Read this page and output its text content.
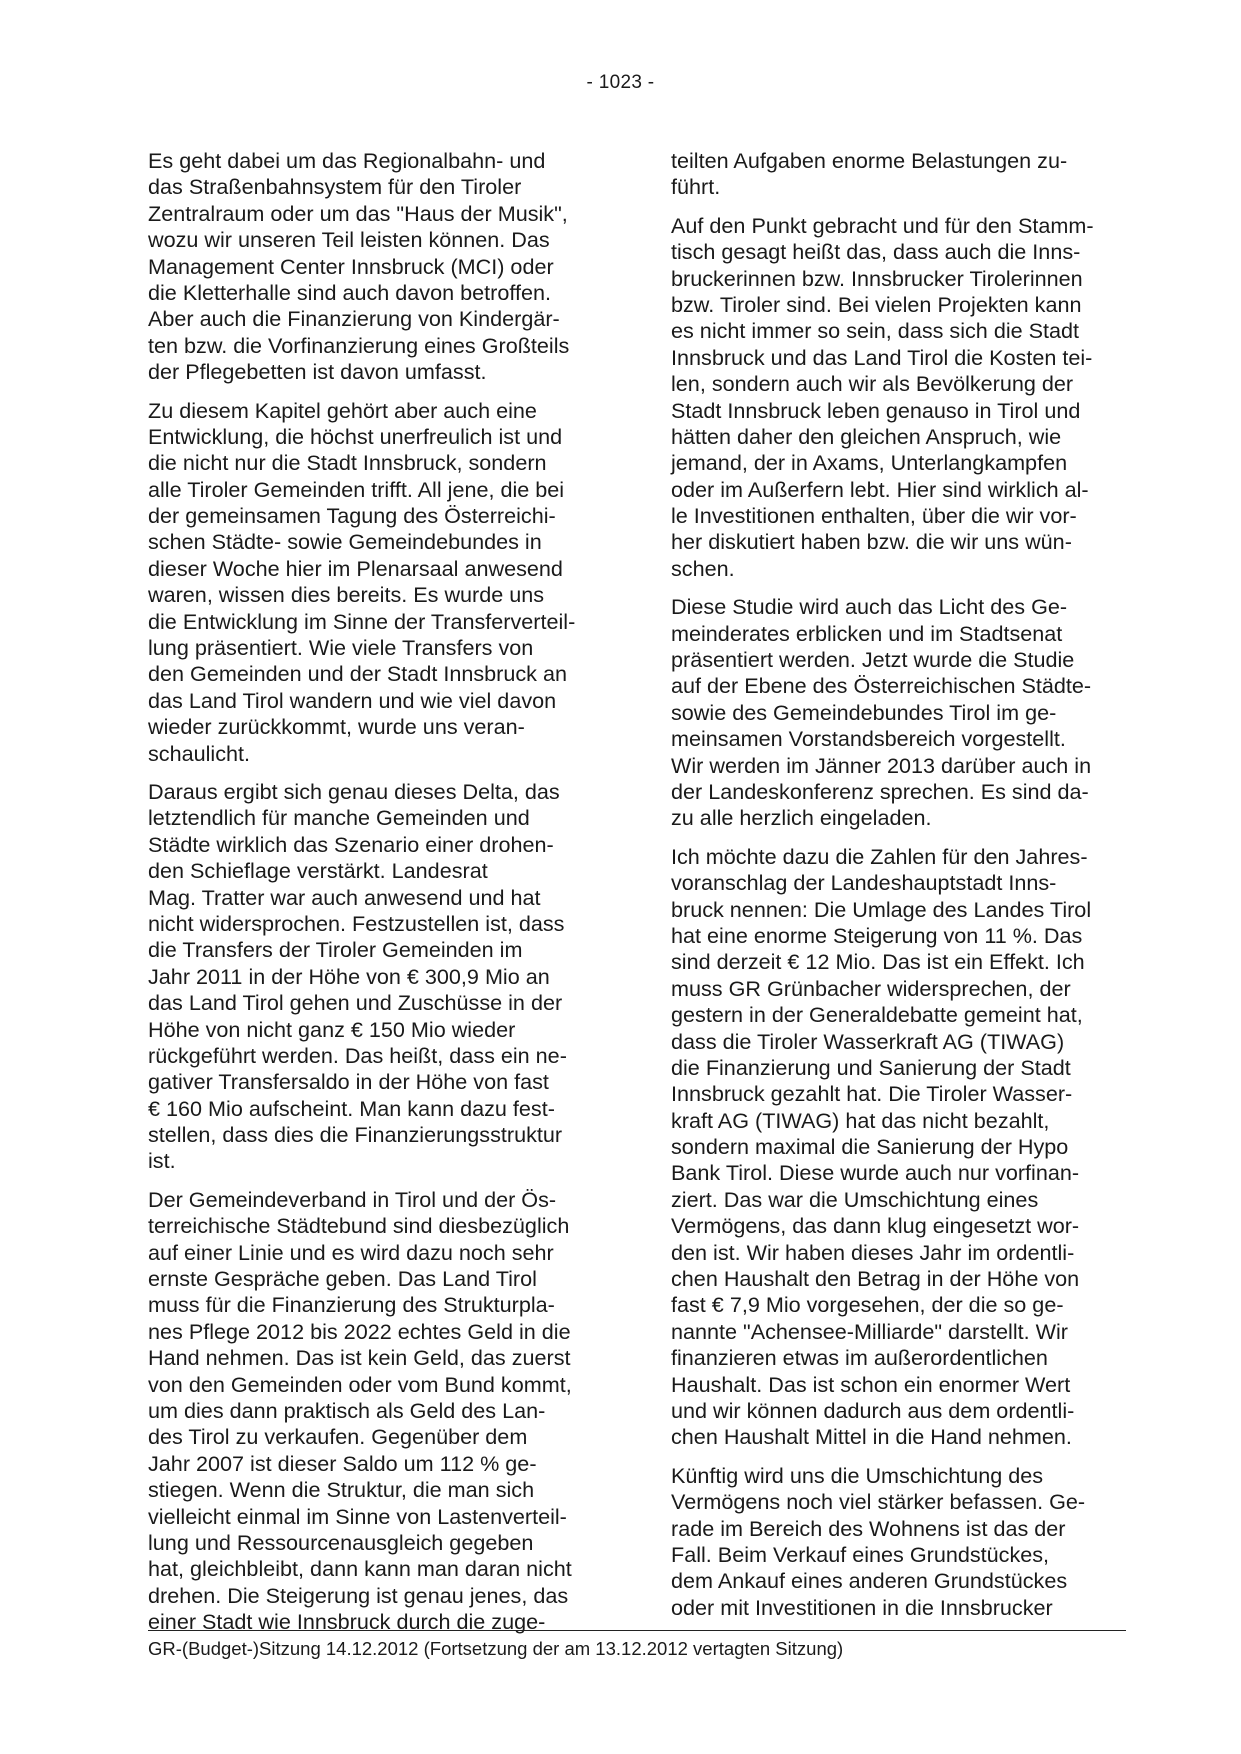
- 1023 -
Es geht dabei um das Regionalbahn- und
das Straßenbahnsystem für den Tiroler
Zentralraum oder um das "Haus der Musik",
wozu wir unseren Teil leisten können. Das
Management Center Innsbruck (MCI) oder
die Kletterhalle sind auch davon betroffen.
Aber auch die Finanzierung von Kindergär-
ten bzw. die Vorfinanzierung eines Großteils
der Pflegebetten ist davon umfasst.
Zu diesem Kapitel gehört aber auch eine
Entwicklung, die höchst unerfreulich ist und
die nicht nur die Stadt Innsbruck, sondern
alle Tiroler Gemeinden trifft. All jene, die bei
der gemeinsamen Tagung des Österreichi-
schen Städte- sowie Gemeindebundes in
dieser Woche hier im Plenarsaal anwesend
waren, wissen dies bereits. Es wurde uns
die Entwicklung im Sinne der Transferverteil-
lung präsentiert. Wie viele Transfers von
den Gemeinden und der Stadt Innsbruck an
das Land Tirol wandern und wie viel davon
wieder zurückkommt, wurde uns veran-
schaulicht.
Daraus ergibt sich genau dieses Delta, das
letztendlich für manche Gemeinden und
Städte wirklich das Szenario einer drohen-
den Schieflage verstärkt. Landesrat
Mag. Tratter war auch anwesend und hat
nicht widersprochen. Festzustellen ist, dass
die Transfers der Tiroler Gemeinden im
Jahr 2011 in der Höhe von € 300,9 Mio an
das Land Tirol gehen und Zuschüsse in der
Höhe von nicht ganz € 150 Mio wieder
rückgeführt werden. Das heißt, dass ein ne-
gativer Transfersaldo in der Höhe von fast
€ 160 Mio aufscheint. Man kann dazu fest-
stellen, dass dies die Finanzierungsstruktur
ist.
Der Gemeindeverband in Tirol und der Ös-
terreichische Städtebund sind diesbezüglich
auf einer Linie und es wird dazu noch sehr
ernste Gespräche geben. Das Land Tirol
muss für die Finanzierung des Strukturpla-
nes Pflege 2012 bis 2022 echtes Geld in die
Hand nehmen. Das ist kein Geld, das zuerst
von den Gemeinden oder vom Bund kommt,
um dies dann praktisch als Geld des Lan-
des Tirol zu verkaufen. Gegenüber dem
Jahr 2007 ist dieser Saldo um 112 % ge-
stiegen. Wenn die Struktur, die man sich
vielleicht einmal im Sinne von Lastenverteil-
lung und Ressourcenausgleich gegeben
hat, gleichbleibt, dann kann man daran nicht
drehen. Die Steigerung ist genau jenes, das
einer Stadt wie Innsbruck durch die zuge-
teilten Aufgaben enorme Belastungen zu-
führt.
Auf den Punkt gebracht und für den Stamm-
tisch gesagt heißt das, dass auch die Inns-
bruckerinnen bzw. Innsbrucker Tirolerinnen
bzw. Tiroler sind. Bei vielen Projekten kann
es nicht immer so sein, dass sich die Stadt
Innsbruck und das Land Tirol die Kosten tei-
len, sondern auch wir als Bevölkerung der
Stadt Innsbruck leben genauso in Tirol und
hätten daher den gleichen Anspruch, wie
jemand, der in Axams, Unterlangkampfen
oder im Außerfern lebt. Hier sind wirklich al-
le Investitionen enthalten, über die wir vor-
her diskutiert haben bzw. die wir uns wün-
schen.
Diese Studie wird auch das Licht des Ge-
meinderates erblicken und im Stadtsenat
präsentiert werden. Jetzt wurde die Studie
auf der Ebene des Österreichischen Städte-
sowie des Gemeindebundes Tirol im ge-
meinsamen Vorstandsbereich vorgestellt.
Wir werden im Jänner 2013 darüber auch in
der Landeskonferenz sprechen. Es sind da-
zu alle herzlich eingeladen.
Ich möchte dazu die Zahlen für den Jahres-
voranschlag der Landeshauptstadt Inns-
bruck nennen: Die Umlage des Landes Tirol
hat eine enorme Steigerung von 11 %. Das
sind derzeit € 12 Mio. Das ist ein Effekt. Ich
muss GR Grünbacher widersprechen, der
gestern in der Generaldebatte gemeint hat,
dass die Tiroler Wasserkraft AG (TIWAG)
die Finanzierung und Sanierung der Stadt
Innsbruck gezahlt hat. Die Tiroler Wasser-
kraft AG (TIWAG) hat das nicht bezahlt,
sondern maximal die Sanierung der Hypo
Bank Tirol. Diese wurde auch nur vorfinan-
ziert. Das war die Umschichtung eines
Vermögens, das dann klug eingesetzt wor-
den ist. Wir haben dieses Jahr im ordentli-
chen Haushalt den Betrag in der Höhe von
fast € 7,9 Mio vorgesehen, der die so ge-
nannte "Achensee-Milliarde" darstellt. Wir
finanzieren etwas im außerordentlichen
Haushalt. Das ist schon ein enormer Wert
und wir können dadurch aus dem ordentli-
chen Haushalt Mittel in die Hand nehmen.
Künftig wird uns die Umschichtung des
Vermögens noch viel stärker befassen. Ge-
rade im Bereich des Wohnens ist das der
Fall. Beim Verkauf eines Grundstückes,
dem Ankauf eines anderen Grundstückes
oder mit Investitionen in die Innsbrucker
GR-(Budget-)Sitzung 14.12.2012 (Fortsetzung der am 13.12.2012 vertagten Sitzung)
